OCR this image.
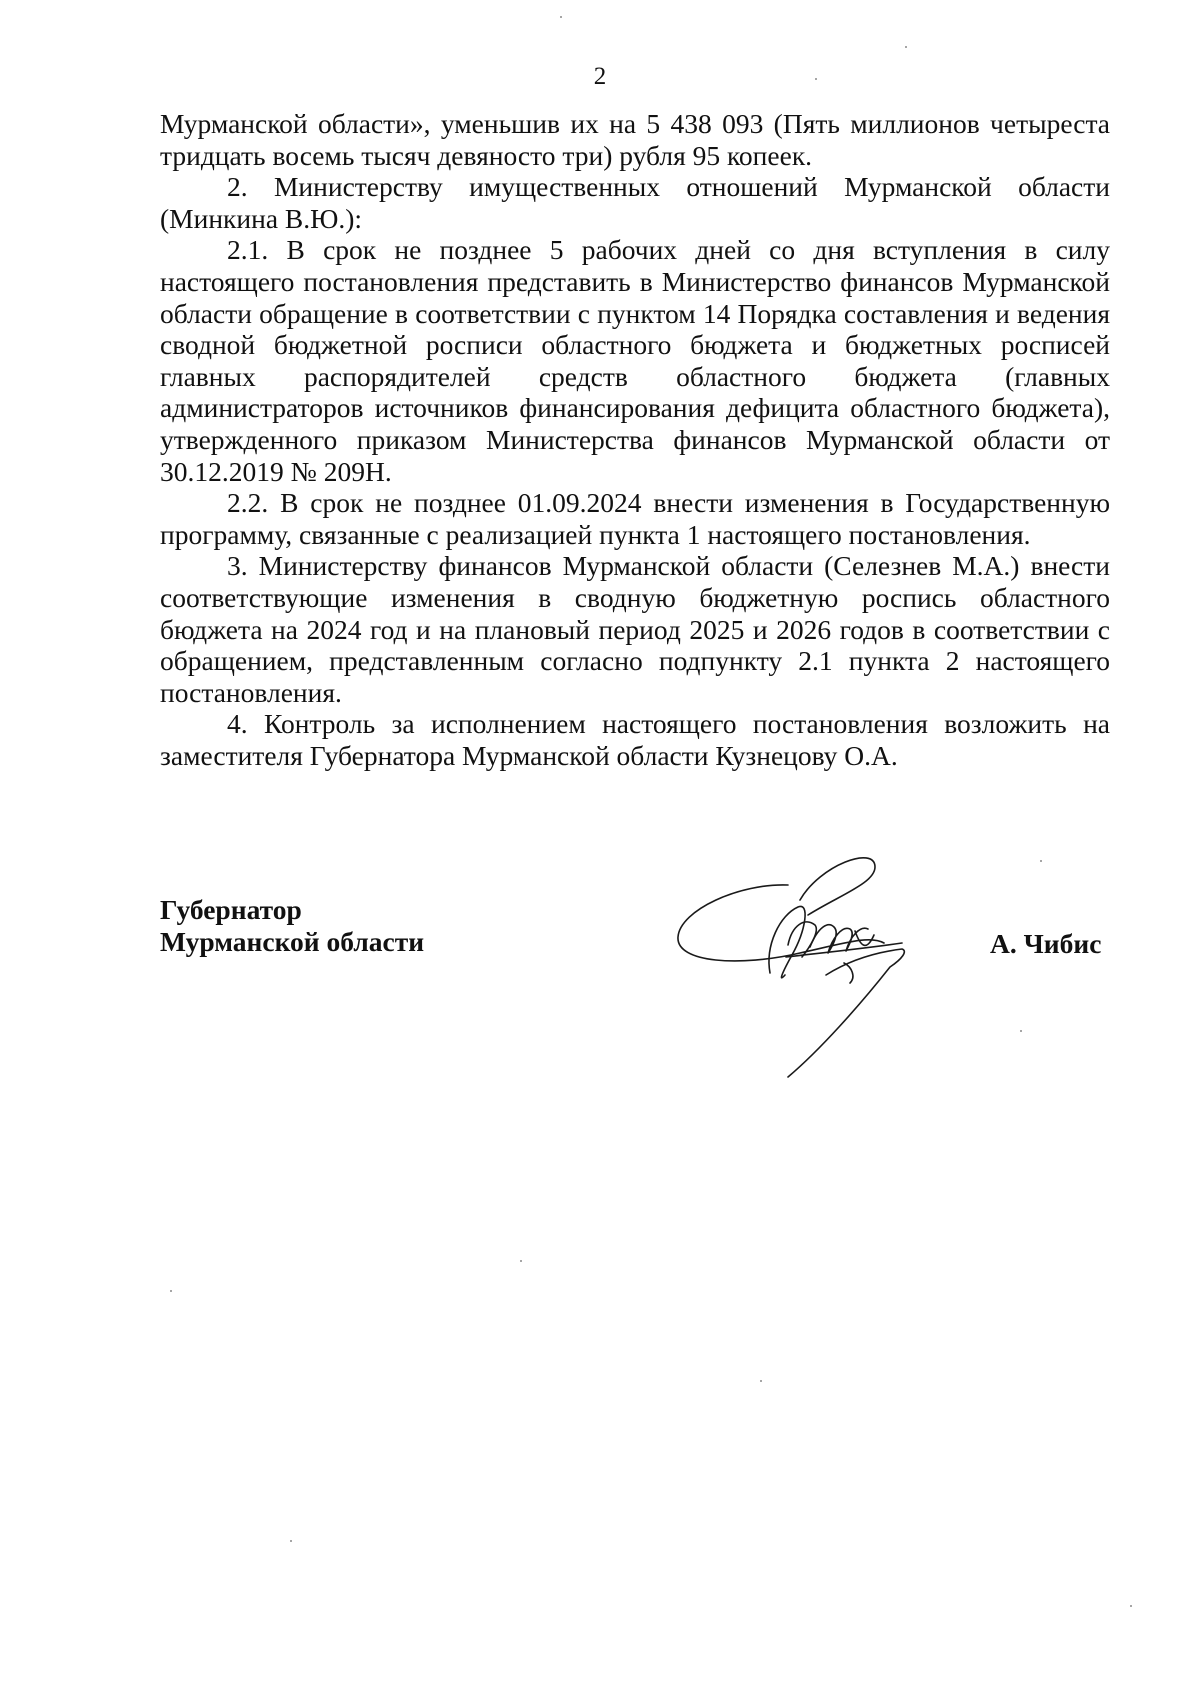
2

Мурманской области», уменьшив их на 5 438 093 (Пять миллионов четыреста тридцать восемь тысяч девяносто три) рубля 95 копеек.

2. Министерству имущественных отношений Мурманской области (Минкина В.Ю.):

2.1. В срок не позднее 5 рабочих дней со дня вступления в силу настоящего постановления представить в Министерство финансов Мурманской области обращение в соответствии с пунктом 14 Порядка составления и ведения сводной бюджетной росписи областного бюджета и бюджетных росписей главных распорядителей средств областного бюджета (главных администраторов источников финансирования дефицита областного бюджета), утвержденного приказом Министерства финансов Мурманской области от 30.12.2019 № 209Н.

2.2. В срок не позднее 01.09.2024 внести изменения в Государственную программу, связанные с реализацией пункта 1 настоящего постановления.

3. Министерству финансов Мурманской области (Селезнев М.А.) внести соответствующие изменения в сводную бюджетную роспись областного бюджета на 2024 год и на плановый период 2025 и 2026 годов в соответствии с обращением, представленным согласно подпункту 2.1 пункта 2 настоящего постановления.

4. Контроль за исполнением настоящего постановления возложить на заместителя Губернатора Мурманской области Кузнецову О.А.

Губернатор
Мурманской области	А. Чибис
